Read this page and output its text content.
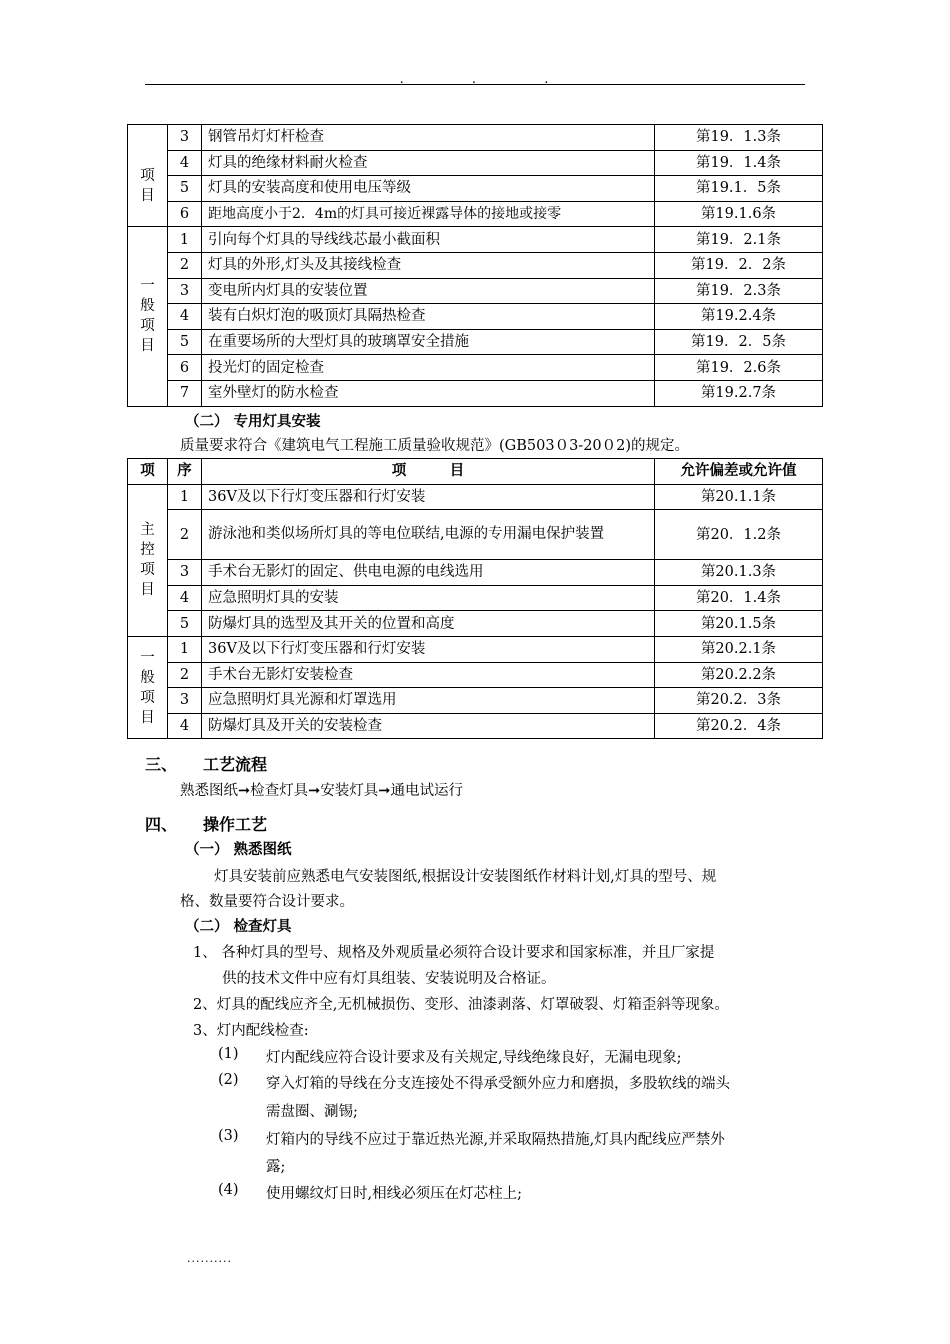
.	.	.

项
目	3	钢管吊灯灯杆检查	第19．1.3条
	4	灯具的绝缘材料耐火检查	第19．1.4条
	5	灯具的安装高度和使用电压等级	第19.1．5条
	6	距地高度小于2．4m的灯具可接近裸露导体的接地或接零	第19.1.6条
一
般
项
目	1	引向每个灯具的导线线芯最小截面积	第19．2.1条
	2	灯具的外形,灯头及其接线检查	第19．2．2条
	3	变电所内灯具的安装位置	第19．2.3条
	4	装有白炽灯泡的吸顶灯具隔热检查	第19.2.4条
	5	在重要场所的大型灯具的玻璃罩安全措施	第19．2．5条
	6	投光灯的固定检查	第19．2.6条
	7	室外壁灯的防水检查	第19.2.7条
（二） 专用灯具安装
质量要求符合《建筑电气工程施工质量验收规范》(GB503０3-20０2)的规定。
项	序	项　　　目	允许偏差或允许值
主
控
项
目	1	36V及以下行灯变压器和行灯安装	第20.1.1条
	2	游泳池和类似场所灯具的等电位联结,电源的专用漏电保护装置	第20．1.2条
	3	手术台无影灯的固定、供电电源的电线选用	第20.1.3条
	4	应急照明灯具的安装	第20．1.4条
	5	防爆灯具的选型及其开关的位置和高度	第20.1.5条
一
般
项
目	1	36V及以下行灯变压器和行灯安装	第20.2.1条
	2	手术台无影灯安装检查	第20.2.2条
	3	应急照明灯具光源和灯罩选用	第20.2．3条
	4	防爆灯具及开关的安装检查	第20.2．4条
三、 工艺流程
熟悉图纸➞检查灯具➞安装灯具➞通电试运行
四、 操作工艺
（一） 熟悉图纸
灯具安装前应熟悉电气安装图纸,根据设计安装图纸作材料计划,灯具的型号、规
格、数量要符合设计要求。
（二） 检查灯具
1、 各种灯具的型号、规格及外观质量必须符合设计要求和国家标准，并且厂家提
供的技术文件中应有灯具组装、安装说明及合格证。
2、灯具的配线应齐全,无机械损伤、变形、油漆剥落、灯罩破裂、灯箱歪斜等现象。
3、灯内配线检查:
(1) 灯内配线应符合设计要求及有关规定,导线绝缘良好，无漏电现象;
(2) 穿入灯箱的导线在分支连接处不得承受额外应力和磨损，多股软线的端头
需盘圈、涮锡;
(3) 灯箱内的导线不应过于靠近热光源,并采取隔热措施,灯具内配线应严禁外
露;
(4) 使用螺纹灯日时,相线必须压在灯芯柱上;
..........
